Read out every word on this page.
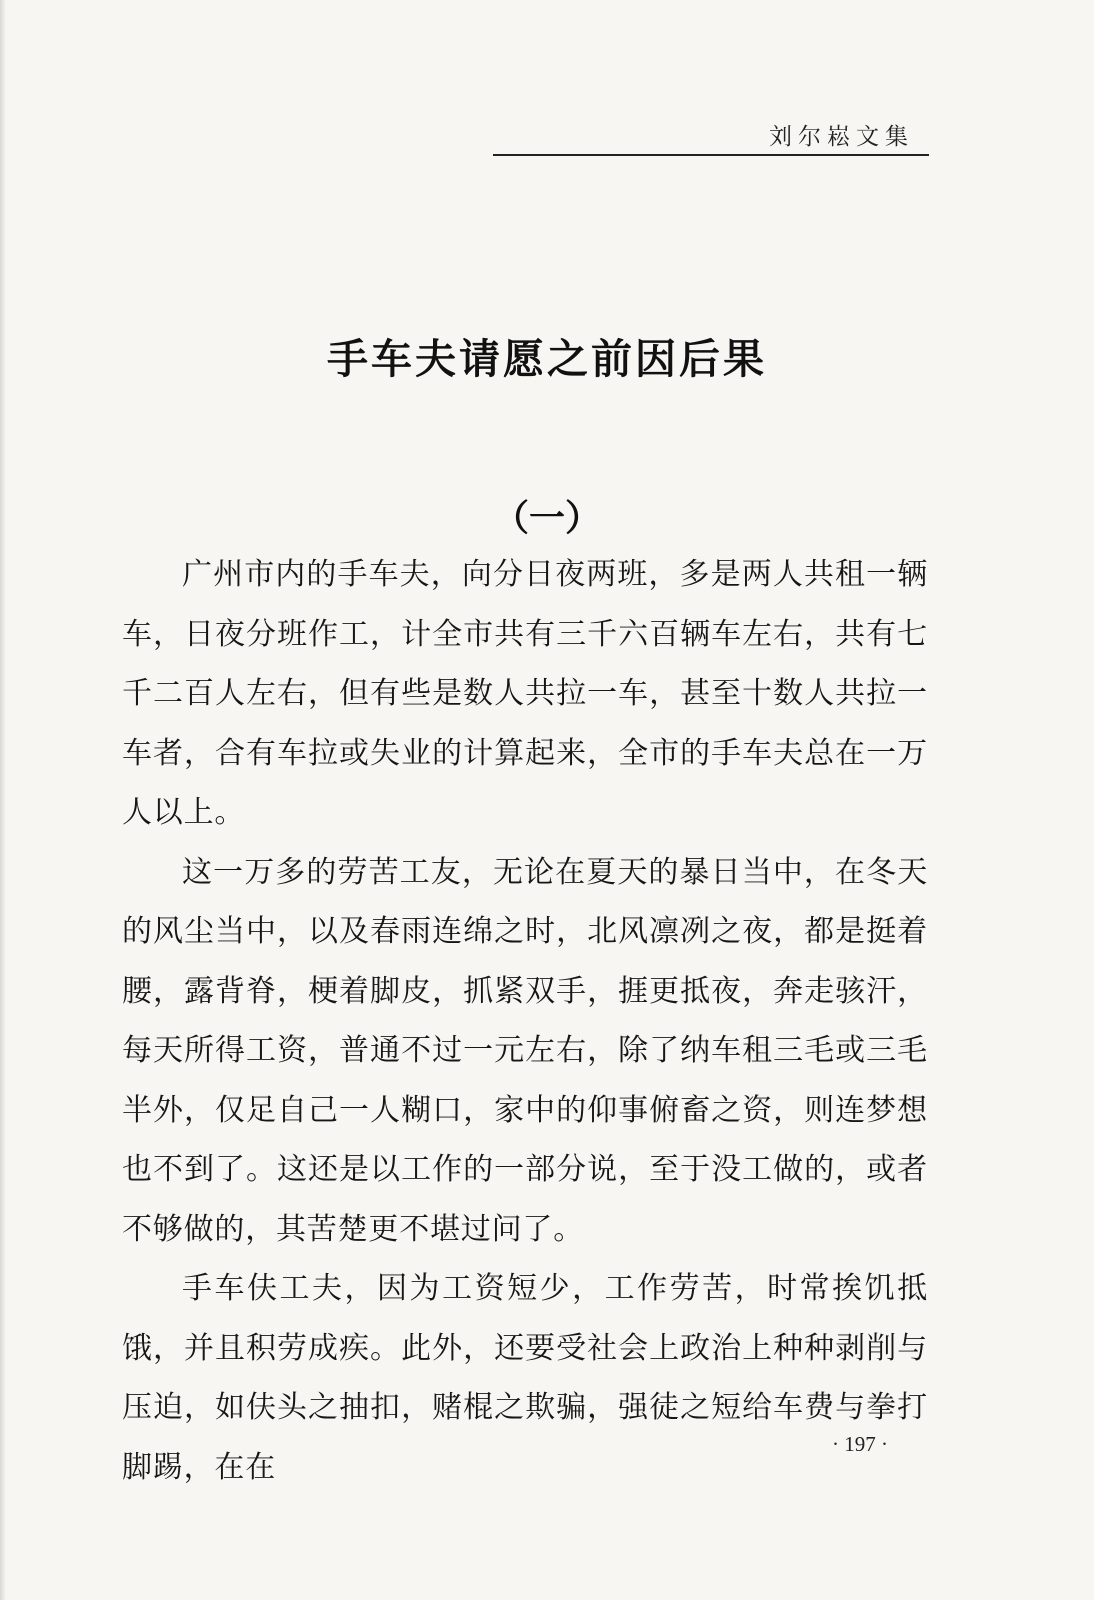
刘尔崧文集
手车夫请愿之前因后果
（一）

广州市内的手车夫，向分日夜两班，多是两人共租一辆车，日夜分班作工，计全市共有三千六百辆车左右，共有七千二百人左右，但有些是数人共拉一车，甚至十数人共拉一车者，合有车拉或失业的计算起来，全市的手车夫总在一万人以上。

这一万多的劳苦工友，无论在夏天的暴日当中，在冬天的风尘当中，以及春雨连绵之时，北风凛冽之夜，都是挺着腰，露背脊，梗着脚皮，抓紧双手，捱更抵夜，奔走骇汗，每天所得工资，普通不过一元左右，除了纳车租三毛或三毛半外，仅足自己一人糊口，家中的仰事俯畜之资，则连梦想也不到了。这还是以工作的一部分说，至于没工做的，或者不够做的，其苦楚更不堪过问了。

手车伕工夫，因为工资短少，工作劳苦，时常挨饥抵饿，并且积劳成疾。此外，还要受社会上政治上种种剥削与压迫，如伕头之抽扣，赌棍之欺骗，强徒之短给车费与拳打脚踢，在在

· 197 ·
